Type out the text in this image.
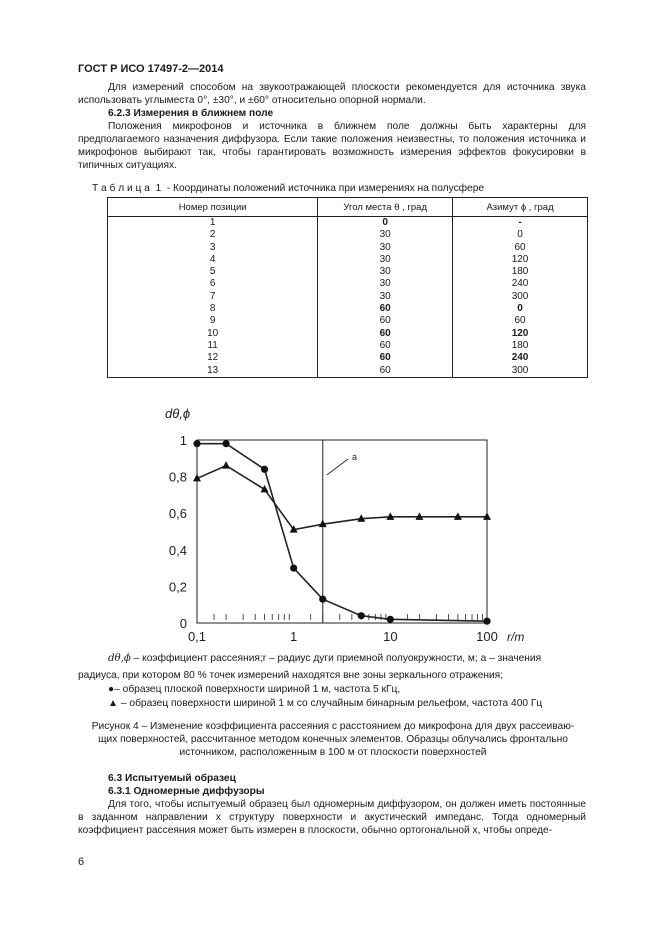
ГОСТ Р ИСО 17497-2—2014
Для измерений способом на звукоотражающей плоскости рекомендуется для источника звука использовать углыместа 0°, ±30°, и ±60° относительно опорной нормали.
6.2.3 Измерения в ближнем поле
Положения микрофонов и источника в ближнем поле должны быть характерны для предполагаемого назначения диффузора. Если такие положения неизвестны, то положения источника и микрофонов выбирают так, чтобы гарантировать возможность измерения эффектов фокусировки в типичных ситуациях.
Т а б л и ц а  1  - Координаты положений источника при измерениях на полусфере
Номер позиции	Угол места θ , град	Азимут ϕ , град
1	0	-
2	30	0
3	30	60
4	30	120
5	30	180
6	30	240
7	30	300
8	60	0
9	60	60
10	60	120
11	60	180
12	60	240
13	60	300
a
0,1	1	10	100 r/m
0
0,2
0,4
0,6
0,8
1
dθ,ϕ
dθ,ϕ – коэффициент рассеяния;r – радиус дуги приемной полуокружности, м; a – значения
радиуса, при котором 80 % точек измерений находятся вне зоны зеркального отражения;
●– образец плоской поверхности шириной 1 м, частота 5 кГц,
▲ – образец поверхности шириной 1 м со случайным бинарным рельефом, частота 400 Гц
Рисунок 4 – Изменение коэффициента рассеяния с расстоянием до микрофона для двух рассеиваю-
щих поверхностей, рассчитанное методом конечных элементов. Образцы облучались фронтально
источником, расположенным в 100 м от плоскости поверхностей
6.3 Испытуемый образец
6.3.1 Одномерные диффузоры
Для того, чтобы испытуемый образец был одномерным диффузором, он должен иметь постоянные в заданном направлении x структуру поверхности и акустический импеданс. Тогда одномерный коэффициент рассеяния может быть измерен в плоскости, обычно ортогональной x, чтобы опреде-
6
